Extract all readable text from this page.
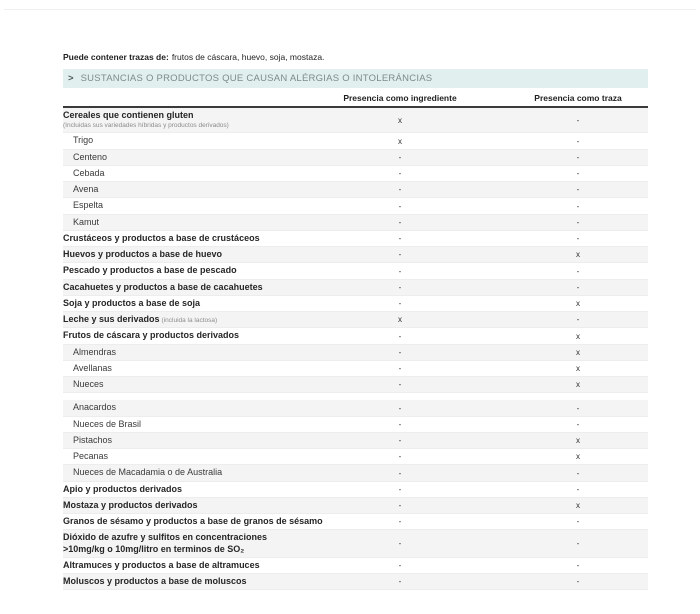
Puede contener trazas de: frutos de cáscara, huevo, soja, mostaza.
> SUSTANCIAS O PRODUCTOS QUE CAUSAN ALÉRGIAS O INTOLERÁNCIAS
Presencia como ingrediente	Presencia como traza
Cereales que contienen gluten
(Incluidas sus variedades híbridas y productos derivados)
x	-
Trigo	x	-
Centeno	-	-
Cebada	-	-
Avena	-	-
Espelta	-	-
Kamut	-	-
Crustáceos y productos a base de crustáceos	-	-
Huevos y productos a base de huevo	-	x
Pescado y productos a base de pescado	-	-
Cacahuetes y productos a base de cacahuetes	-	-
Soja y productos a base de soja	-	x
Leche y sus derivados (incluida la lactosa)	x	-
Frutos de cáscara y productos derivados	-	x
Almendras	-	x
Avellanas	-	x
Nueces	-	x
Anacardos	-	-
Nueces de Brasil	-	-
Pistachos	-	x
Pecanas	-	x
Nueces de Macadamia o de Australia	-	-
Apio y productos derivados	-	-
Mostaza y productos derivados	-	x
Granos de sésamo y productos a base de granos de sésamo	-	-
Dióxido de azufre y sulfitos en concentraciones
>10mg/kg o 10mg/litro en terminos de SO₂	-	-
Altramuces y productos a base de altramuces	-	-
Moluscos y productos a base de moluscos	-	-
